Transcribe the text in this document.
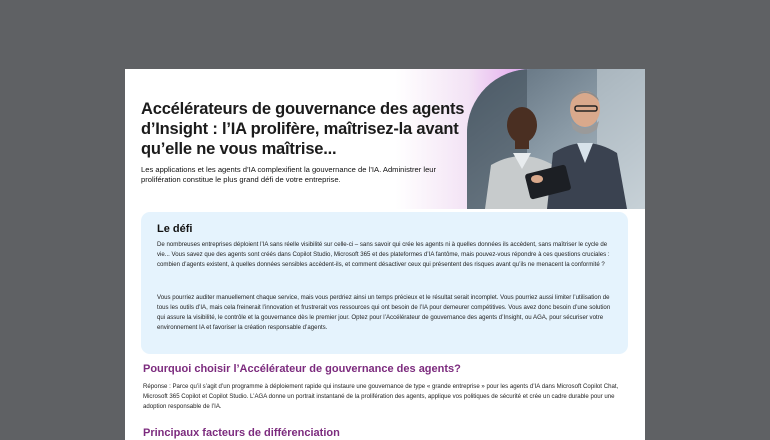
Accélérateurs de gouvernance des agents d’Insight : l’IA prolifère, maîtrisez-la avant qu’elle ne vous maîtrise...

Les applications et les agents d’IA complexifient la gouvernance de l’IA. Administrer leur prolifération constitue le plus grand défi de votre entreprise.

Le défi

De nombreuses entreprises déploient l’IA sans réelle visibilité sur celle-ci – sans savoir qui crée les agents ni à quelles données ils accèdent, sans maîtriser le cycle de vie... Vous savez que des agents sont créés dans Copilot Studio, Microsoft 365 et des plateformes d’IA fantôme, mais pouvez-vous répondre à ces questions cruciales : combien d’agents existent, à quelles données sensibles accèdent-ils, et comment désactiver ceux qui présentent des risques avant qu’ils ne menacent la conformité ?

Vous pourriez auditer manuellement chaque service, mais vous perdriez ainsi un temps précieux et le résultat serait incomplet. Vous pourriez aussi limiter l’utilisation de tous les outils d’IA, mais cela freinerait l’innovation et frustrerait vos ressources qui ont besoin de l’IA pour demeurer compétitives. Vous avez donc besoin d’une solution qui assure la visibilité, le contrôle et la gouvernance dès le premier jour. Optez pour l’Accélérateur de gouvernance des agents d’Insight, ou AGA, pour sécuriser votre environnement IA et favoriser la création responsable d’agents.

Pourquoi choisir l’Accélérateur de gouvernance des agents?

Réponse : Parce qu’il s’agit d’un programme à déploiement rapide qui instaure une gouvernance de type « grande entreprise » pour les agents d’IA dans Microsoft Copilot Chat, Microsoft 365 Copilot et Copilot Studio. L’AGA donne un portrait instantané de la prolifération des agents, applique vos politiques de sécurité et crée un cadre durable pour une adoption responsable de l’IA.

Principaux facteurs de différenciation
